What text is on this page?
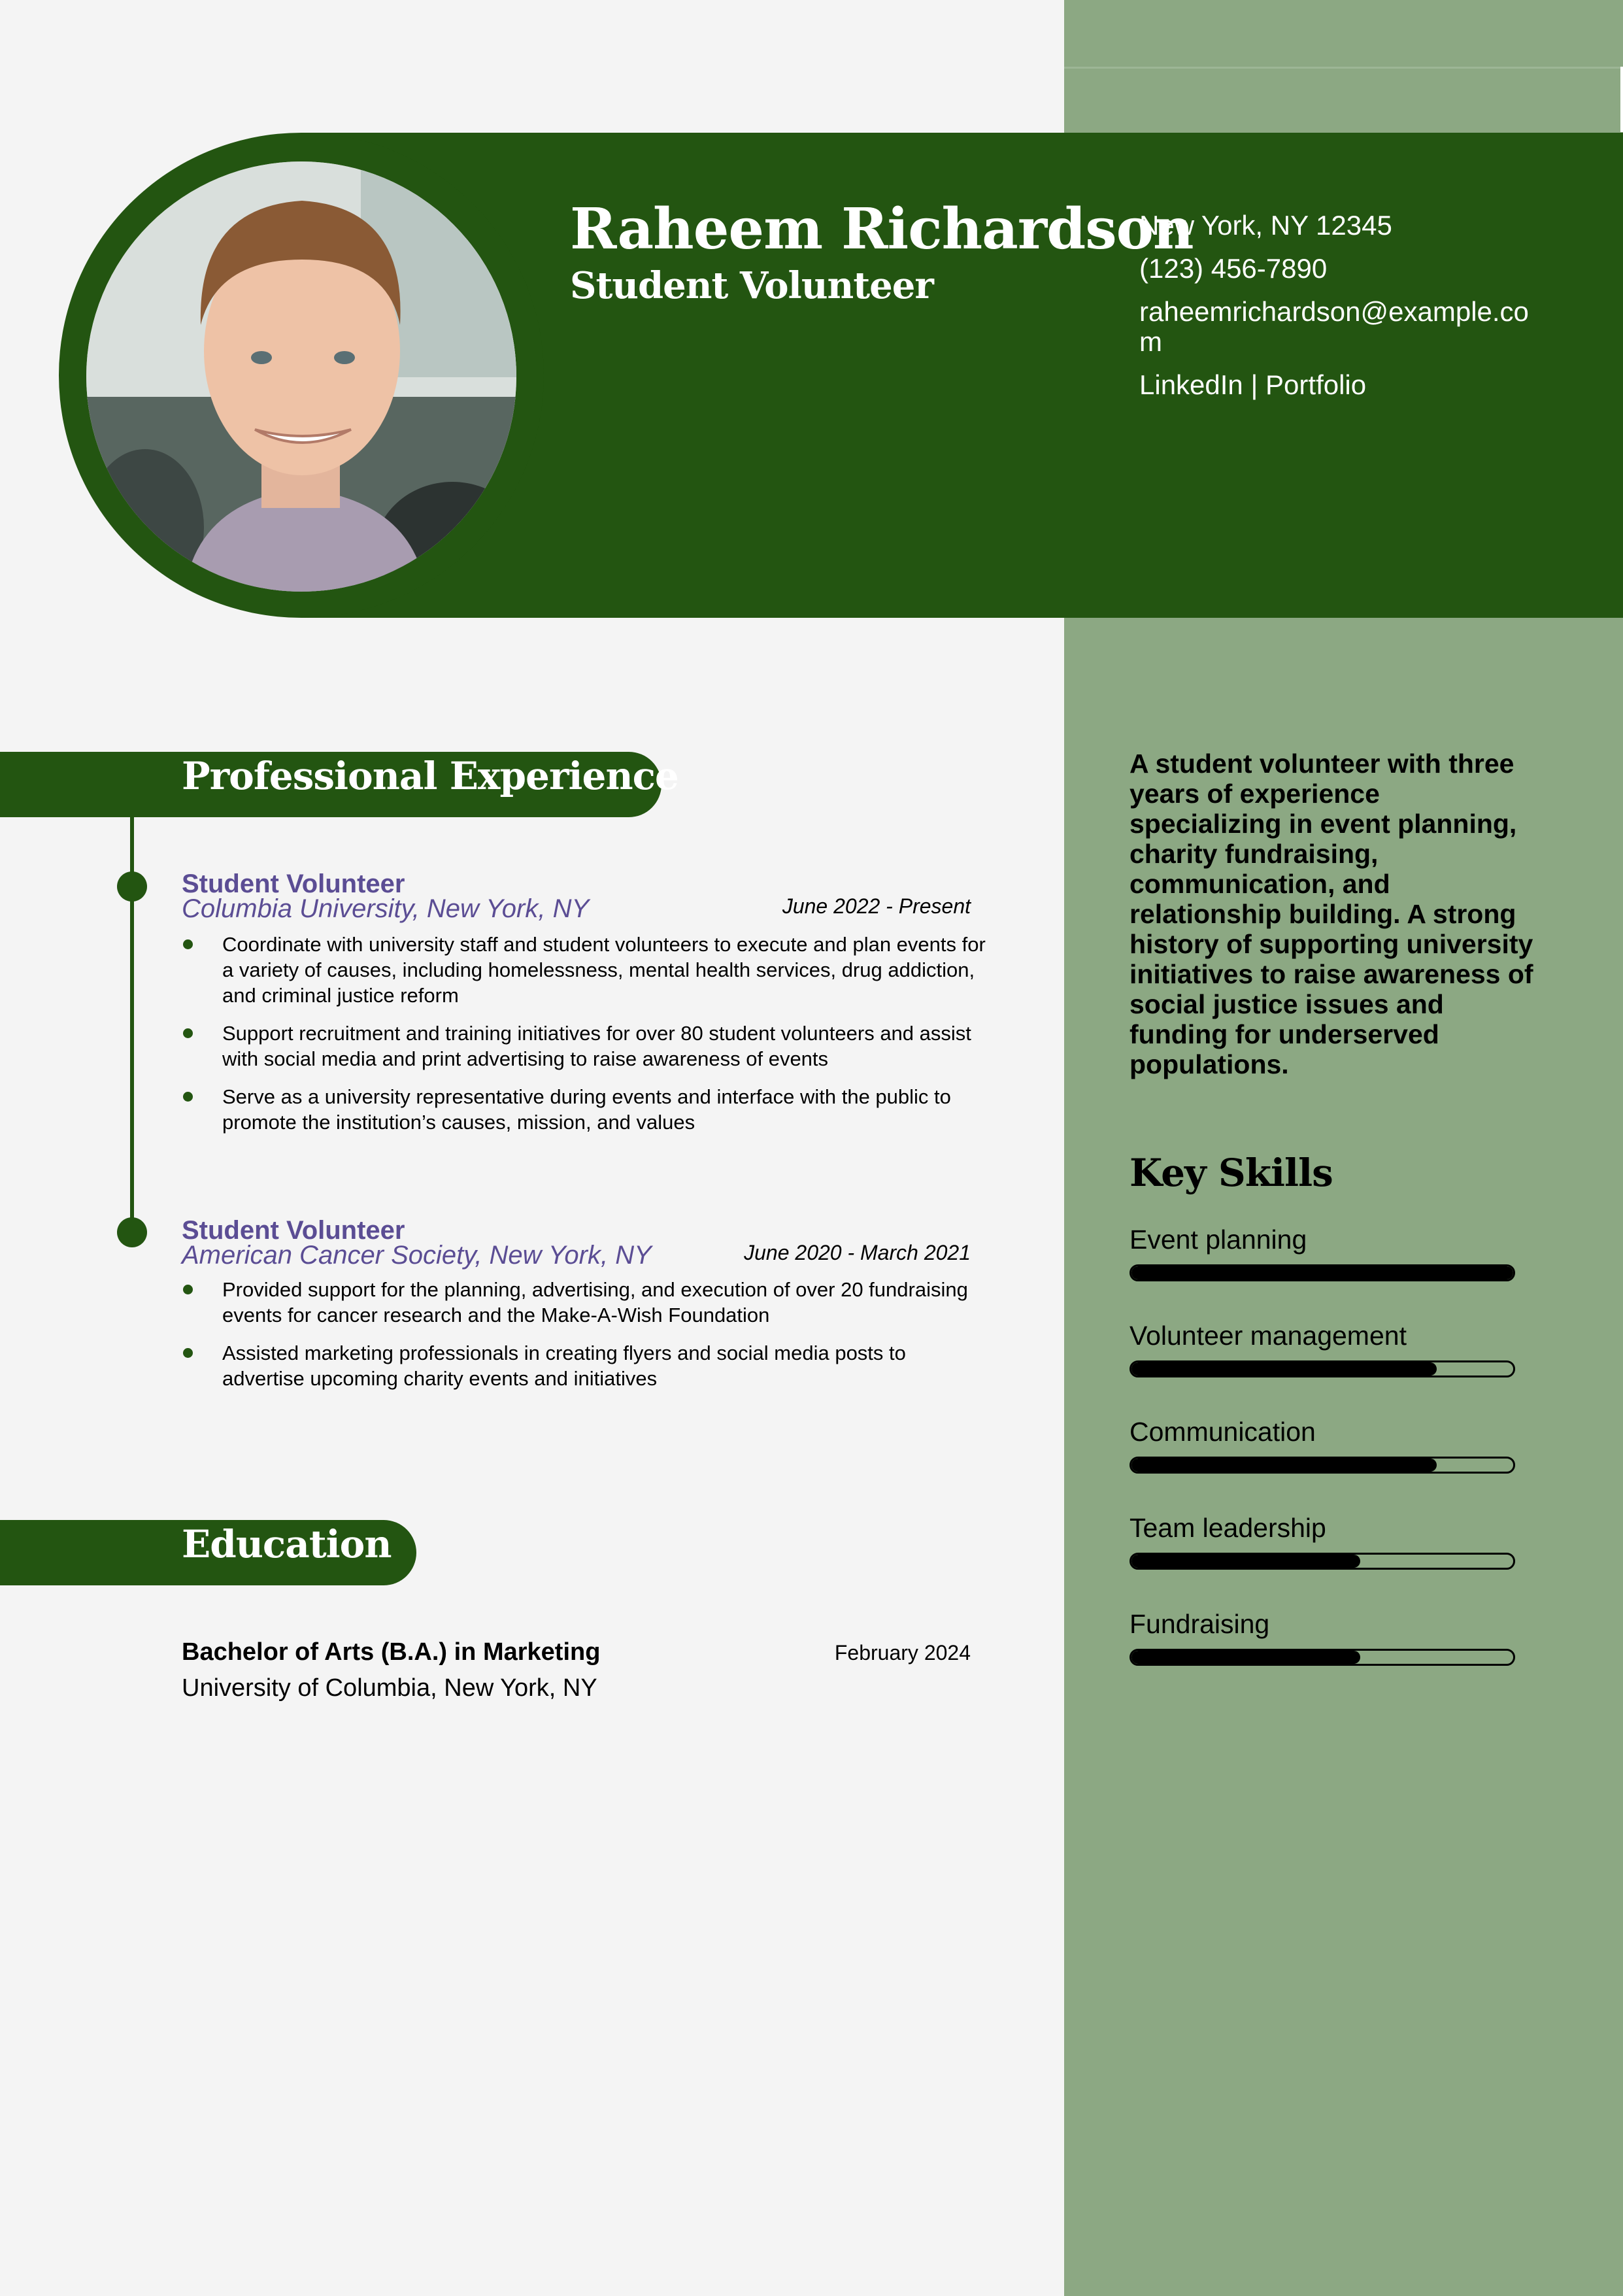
Raheem Richardson
Student Volunteer
New York, NY 12345
(123) 456-7890
raheemrichardson@example.com
LinkedIn | Portfolio
Professional Experience
Student Volunteer
Columbia University, New York, NY	June 2022 - Present
Coordinate with university staff and student volunteers to execute and plan events for a variety of causes, including homelessness, mental health services, drug addiction, and criminal justice reform
Support recruitment and training initiatives for over 80 student volunteers and assist with social media and print advertising to raise awareness of events
Serve as a university representative during events and interface with the public to promote the institution’s causes, mission, and values
Student Volunteer
American Cancer Society, New York, NY	June 2020 - March 2021
Provided support for the planning, advertising, and execution of over 20 fundraising events for cancer research and the Make-A-Wish Foundation
Assisted marketing professionals in creating flyers and social media posts to advertise upcoming charity events and initiatives
Education
Bachelor of Arts (B.A.) in Marketing
University of Columbia, New York, NY
February 2024
A student volunteer with three years of experience specializing in event planning, charity fundraising, communication, and relationship building. A strong history of supporting university initiatives to raise awareness of social justice issues and funding for underserved populations.
Key Skills
Event planning
Volunteer management
Communication
Team leadership
Fundraising
